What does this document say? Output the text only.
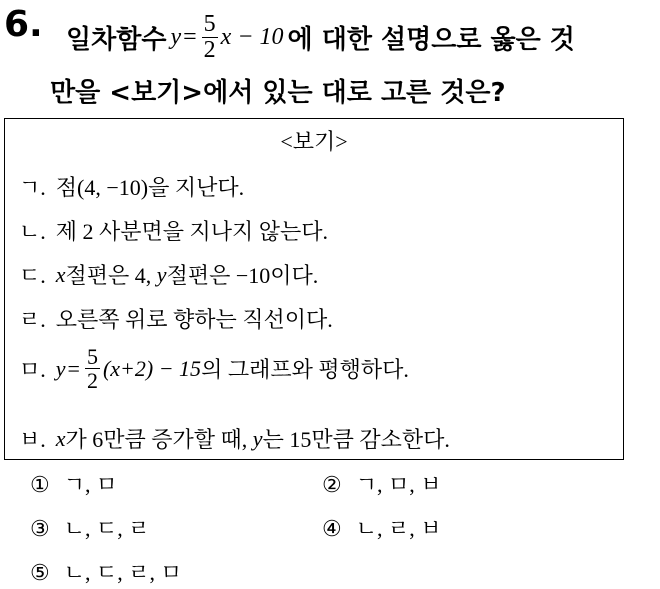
6. 일차함수 $y = \frac{5}{2}$ x − 10 에 대한 설명으로 옳은 것
만을 <보기>에서 있는 대로 고른 것은?
<보기>
ㄱ. 점(4, −10)을 지난다.
ㄴ. 제 2 사분면을 지나지 않는다.
ㄷ. x 절편은 4, y 절편은 −10이다.
ㄹ. 오른쪽 위로 향하는 직선이다.
ㅁ. $y = \frac{5}{2} (x+2) - 15$ 의 그래프와 평행하다.
ㅂ. x 가 6만큼 증가할 때, y 는 15만큼 감소한다.
① ㄱ, ㅁ	② ㄱ, ㅁ, ㅂ
③ ㄴ, ㄷ, ㄹ	④ ㄴ, ㄹ, ㅂ
⑤ ㄴ, ㄷ, ㄹ, ㅁ
